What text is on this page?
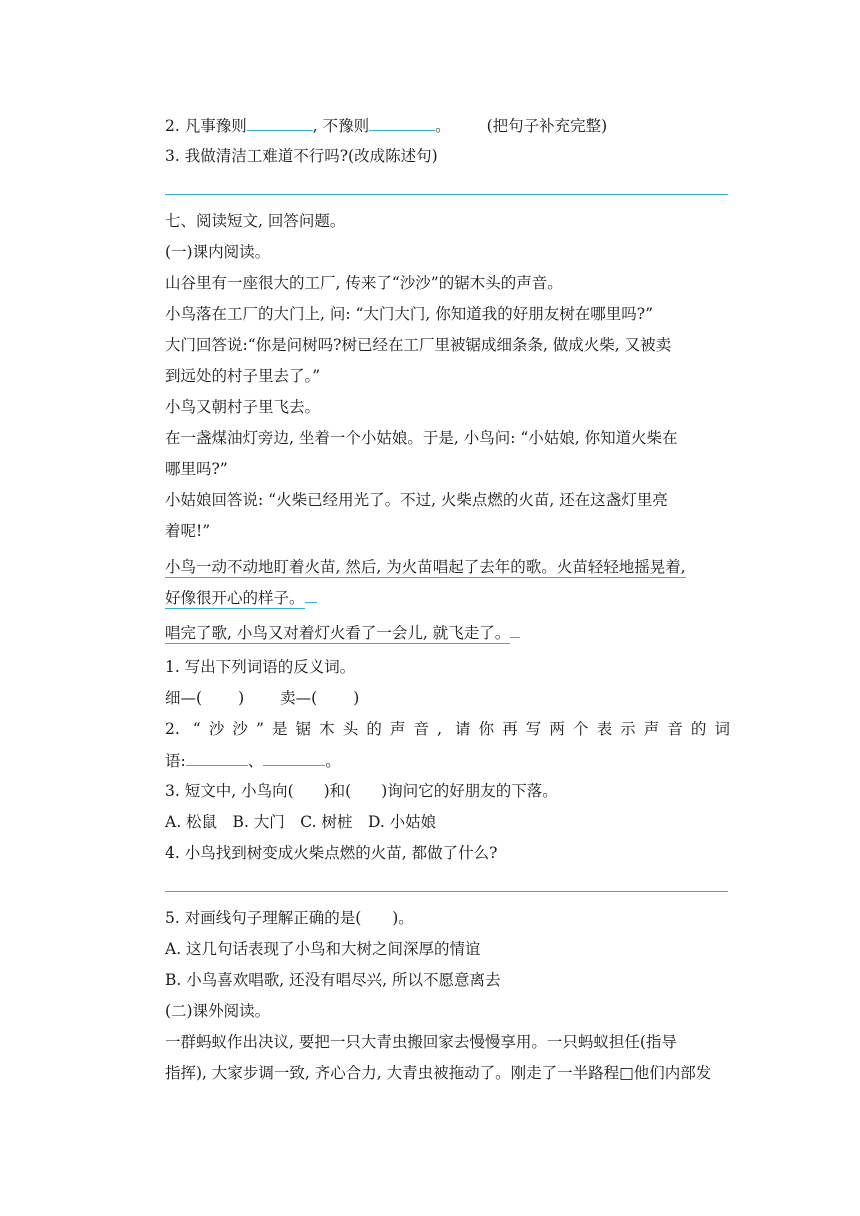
2. 凡事豫则	, 不豫则	。 (把句子补充完整)
3. 我做清洁工难道不行吗?(改成陈述句)
七、阅读短文, 回答问题。
(一)课内阅读。
山谷里有一座很大的工厂, 传来了“沙沙”的锯木头的声音。
小鸟落在工厂的大门上, 问: “大门大门, 你知道我的好朋友树在哪里吗?”
大门回答说:“你是问树吗?树已经在工厂里被锯成细条条, 做成火柴, 又被卖
到远处的村子里去了。”
小鸟又朝村子里飞去。
在一盏煤油灯旁边, 坐着一个小姑娘。于是, 小鸟问: “小姑娘, 你知道火柴在
哪里吗?”
小姑娘回答说: “火柴已经用光了。不过, 火柴点燃的火苗, 还在这盏灯里亮
着呢!”
小鸟一动不动地盯着火苗, 然后, 为火苗唱起了去年的歌。火苗轻轻地摇晃着,
好像很开心的样子。
唱完了歌, 小鸟又对着灯火看了一会儿, 就飞走了。
1. 写出下列词语的反义词。
细—( ) 卖—( )
2. “沙沙”是锯木头的声音, 请你再写两个表示声音的词
语:	、	。
3. 短文中, 小鸟向( )和( )询问它的好朋友的下落。
A. 松鼠　B. 大门　C. 树桩　D. 小姑娘
4. 小鸟找到树变成火柴点燃的火苗, 都做了什么?
5. 对画线句子理解正确的是(　　)。
A. 这几句话表现了小鸟和大树之间深厚的情谊
B. 小鸟喜欢唱歌, 还没有唱尽兴, 所以不愿意离去
(二)课外阅读。
一群蚂蚁作出决议, 要把一只大青虫搬回家去慢慢享用。一只蚂蚁担任(指导
指挥), 大家步调一致, 齐心合力, 大青虫被拖动了。刚走了一半路程□他们内部发
